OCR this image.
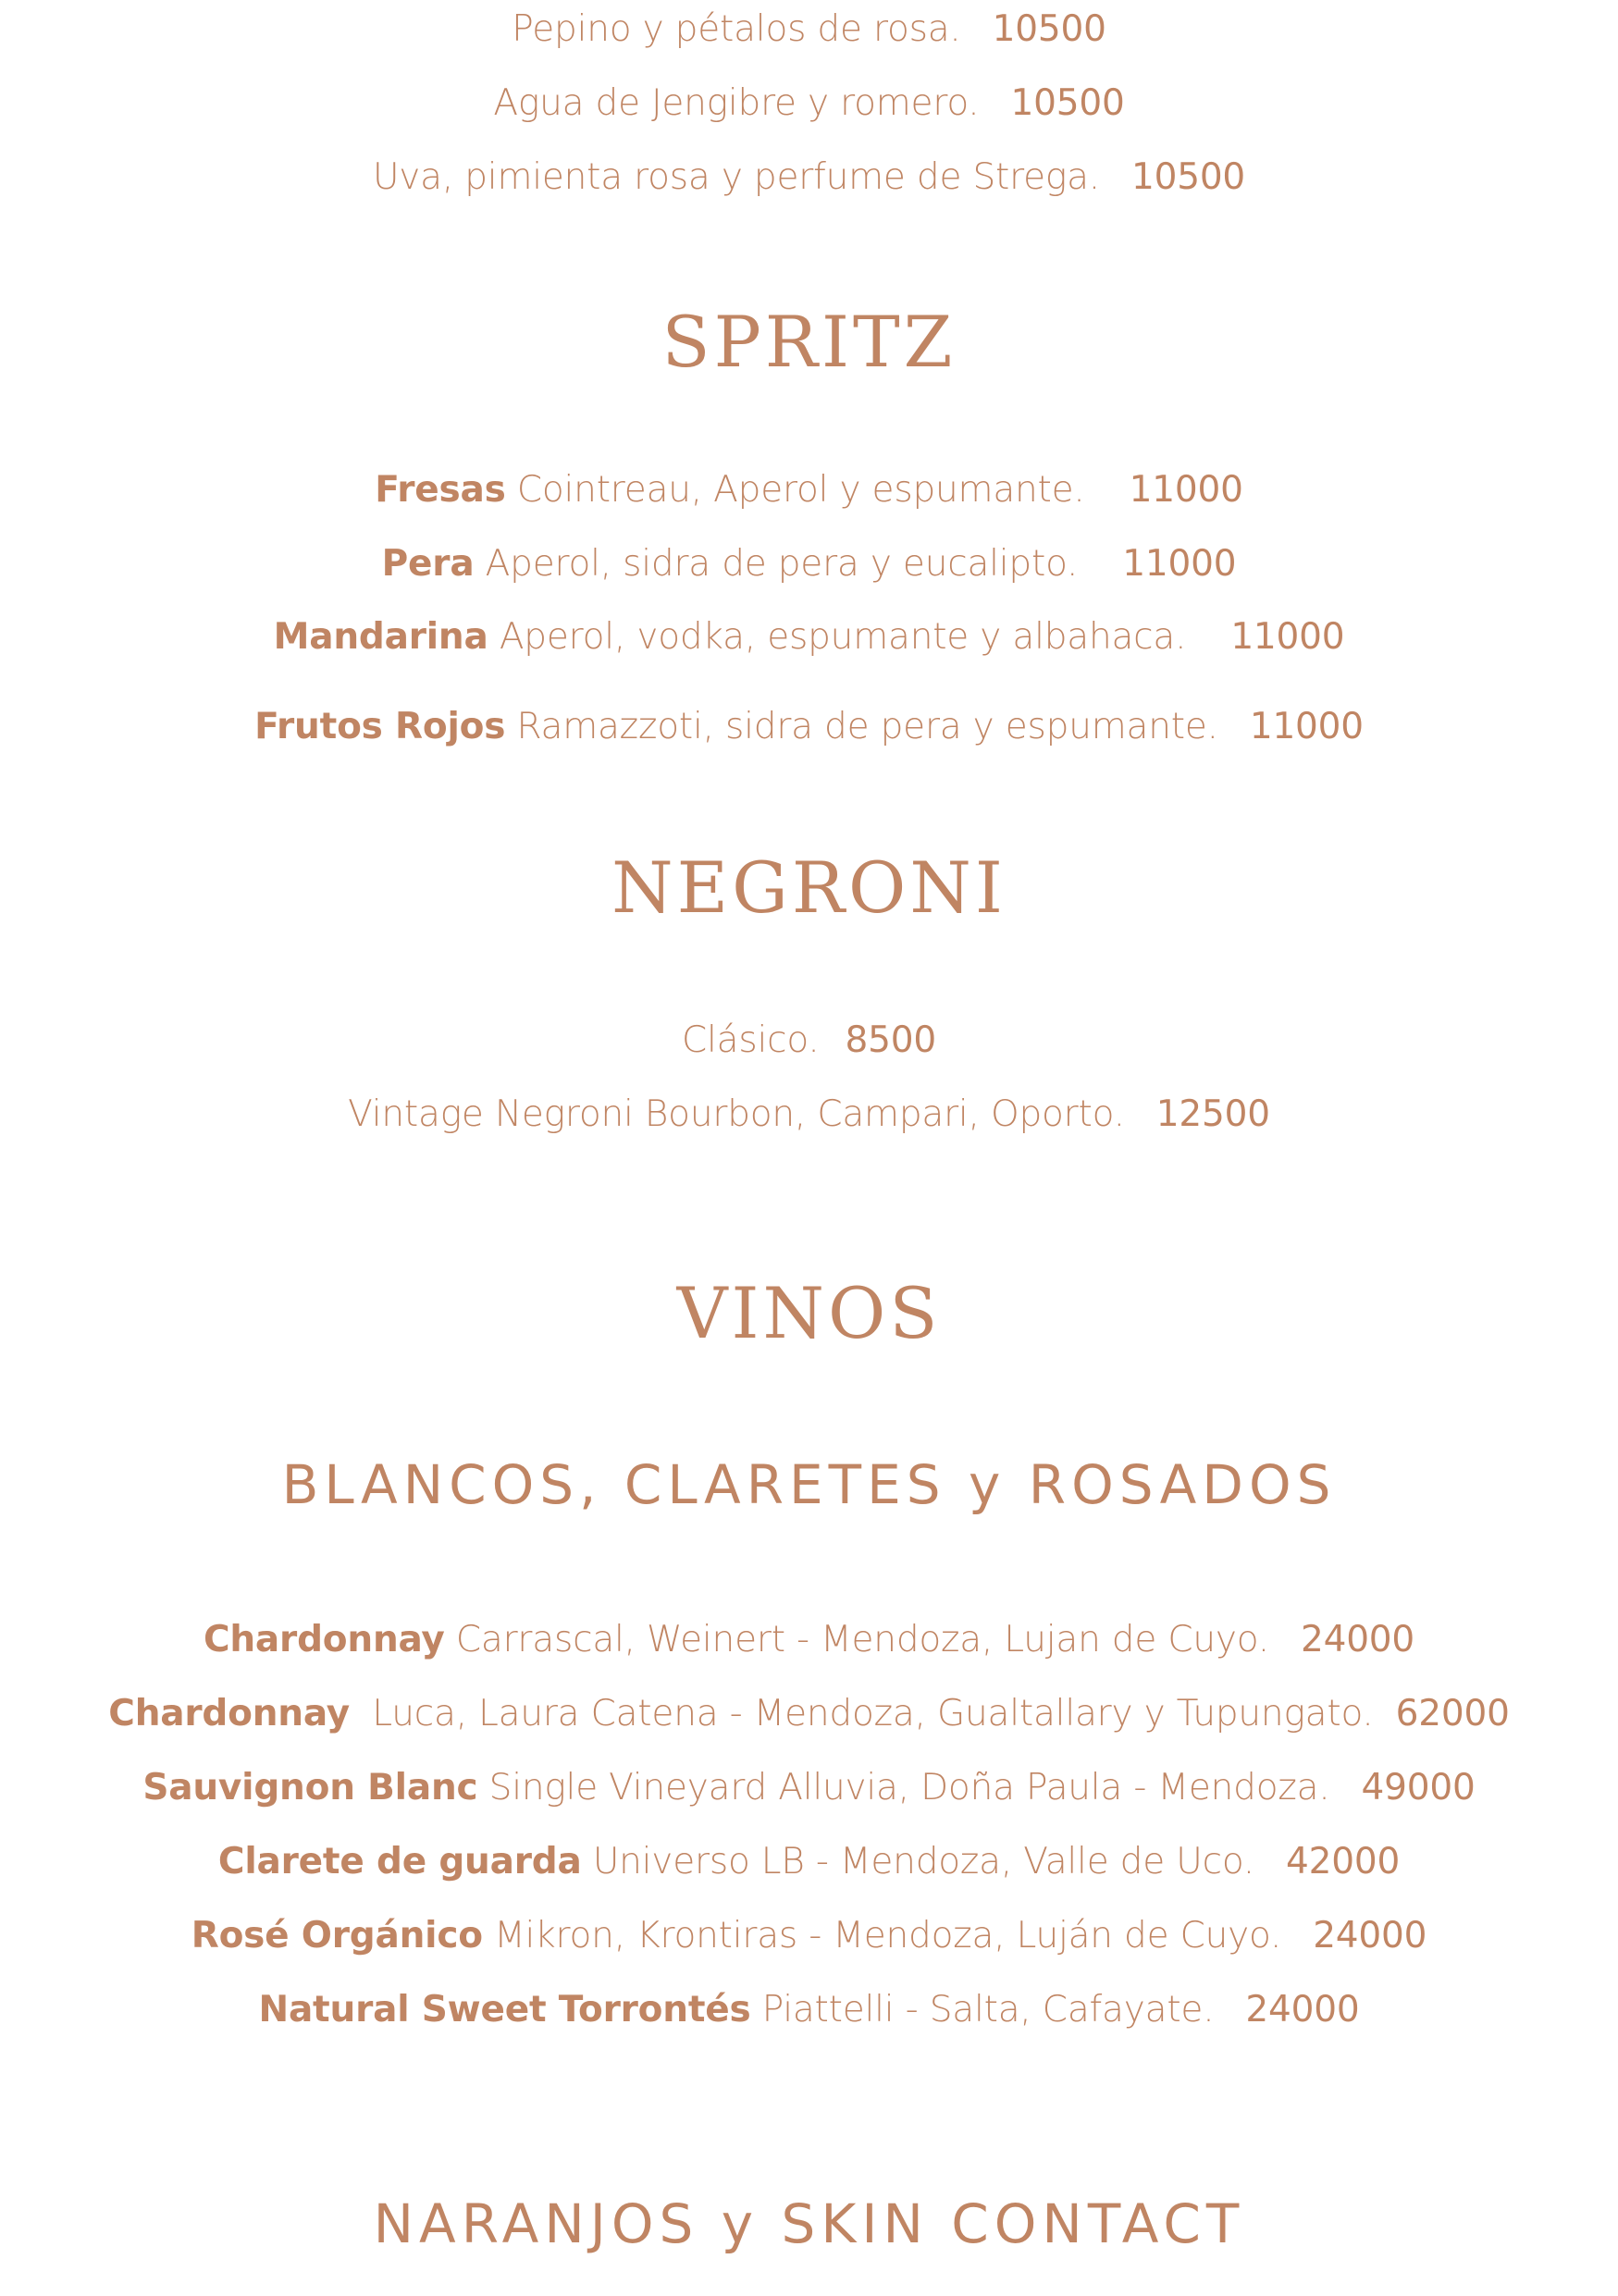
Pepino y pétalos de rosa. 10500
Agua de Jengibre y romero. 10500
Uva, pimienta rosa y perfume de Strega. 10500
SPRITZ
Fresas Cointreau, Aperol y espumante. 11000
Pera Aperol, sidra de pera y eucalipto. 11000
Mandarina Aperol, vodka, espumante y albahaca. 11000
Frutos Rojos Ramazzoti, sidra de pera y espumante. 11000
NEGRONI
Clásico. 8500
Vintage Negroni Bourbon, Campari, Oporto. 12500
VINOS
BLANCOS, CLARETES y ROSADOS
Chardonnay Carrascal, Weinert - Mendoza, Lujan de Cuyo. 24000
Chardonnay Luca, Laura Catena - Mendoza, Gualtallary y Tupungato. 62000
Sauvignon Blanc Single Vineyard Alluvia, Doña Paula - Mendoza. 49000
Clarete de guarda Universo LB - Mendoza, Valle de Uco. 42000
Rosé Orgánico Mikron, Krontiras - Mendoza, Luján de Cuyo. 24000
Natural Sweet Torrontés Piattelli - Salta, Cafayate. 24000
NARANJOS y SKIN CONTACT
